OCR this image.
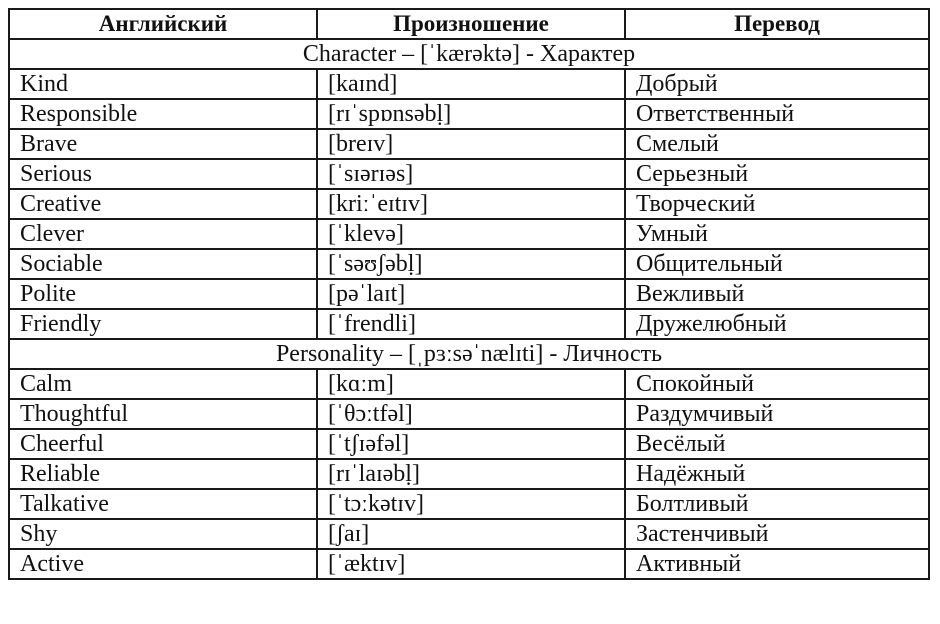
Английский	Произношение	Перевод
Character – [ˈkærəktə] - Характер		
Kind	[kaɪnd]	Добрый
Responsible	[rɪˈspɒnsəbḷ]	Ответственный
Brave	[breɪv]	Смелый
Serious	[ˈsɪərɪəs]	Серьезный
Creative	[kriːˈeɪtɪv]	Творческий
Clever	[ˈklevə]	Умный
Sociable	[ˈsəʊʃəbḷ]	Общительный
Polite	[pəˈlaɪt]	Вежливый
Friendly	[ˈfrendli]	Дружелюбный
Personality – [ˌpɜːsəˈnælɪti] - Личность		
Calm	[kɑːm]	Спокойный
Thoughtful	[ˈθɔːtfəl]	Раздумчивый
Cheerful	[ˈtʃɪəfəl]	Весёлый
Reliable	[rɪˈlaɪəbḷ]	Надёжный
Talkative	[ˈtɔːkətɪv]	Болтливый
Shy	[ʃaɪ]	Застенчивый
Active	[ˈæktɪv]	Активный
